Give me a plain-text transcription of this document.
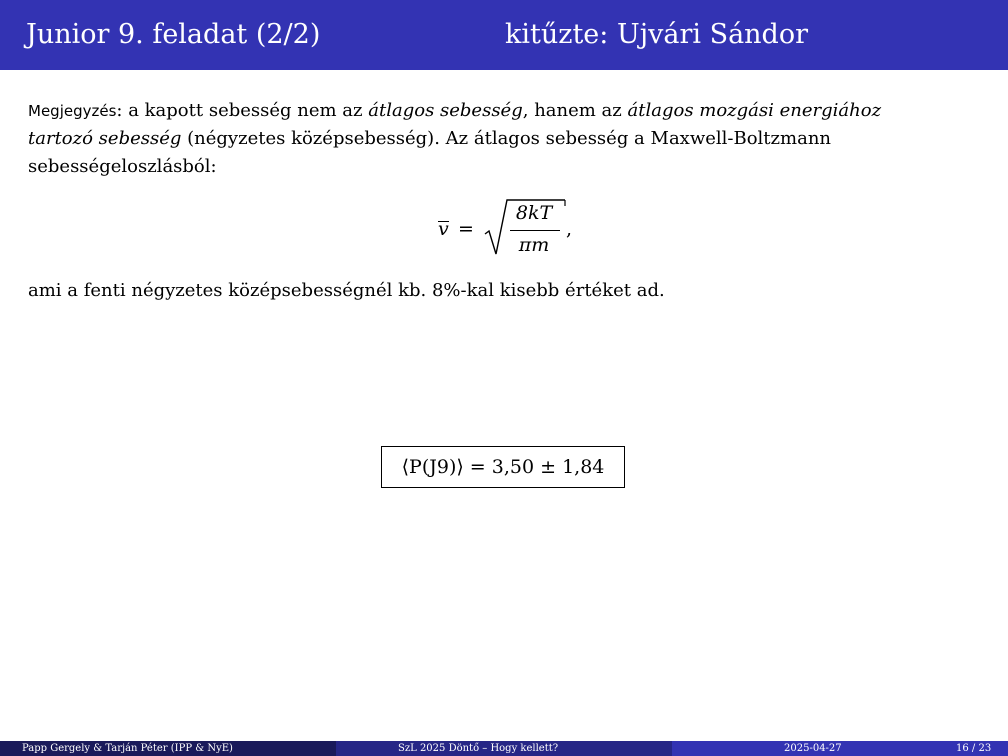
Junior 9. feladat (2/2)	kitűzte: Ujvári Sándor

Megjegyzés: a kapott sebesség nem az átlagos sebesség, hanem az átlagos mozgási energiához tartozó sebesség (négyzetes középsebesség). Az átlagos sebesség a Maxwell-Boltzmann sebességeloszlásból:

v =
8kT
πm
,
ami a fenti négyzetes középsebességnél kb. 8%-kal kisebb értéket ad.
⟨P(J9)⟩ = 3,50 ± 1,84
Papp Gergely & Tarján Péter (IPP & NyE)	SzL 2025 Döntő – Hogy kellett?	2025-04-27	16 / 23
